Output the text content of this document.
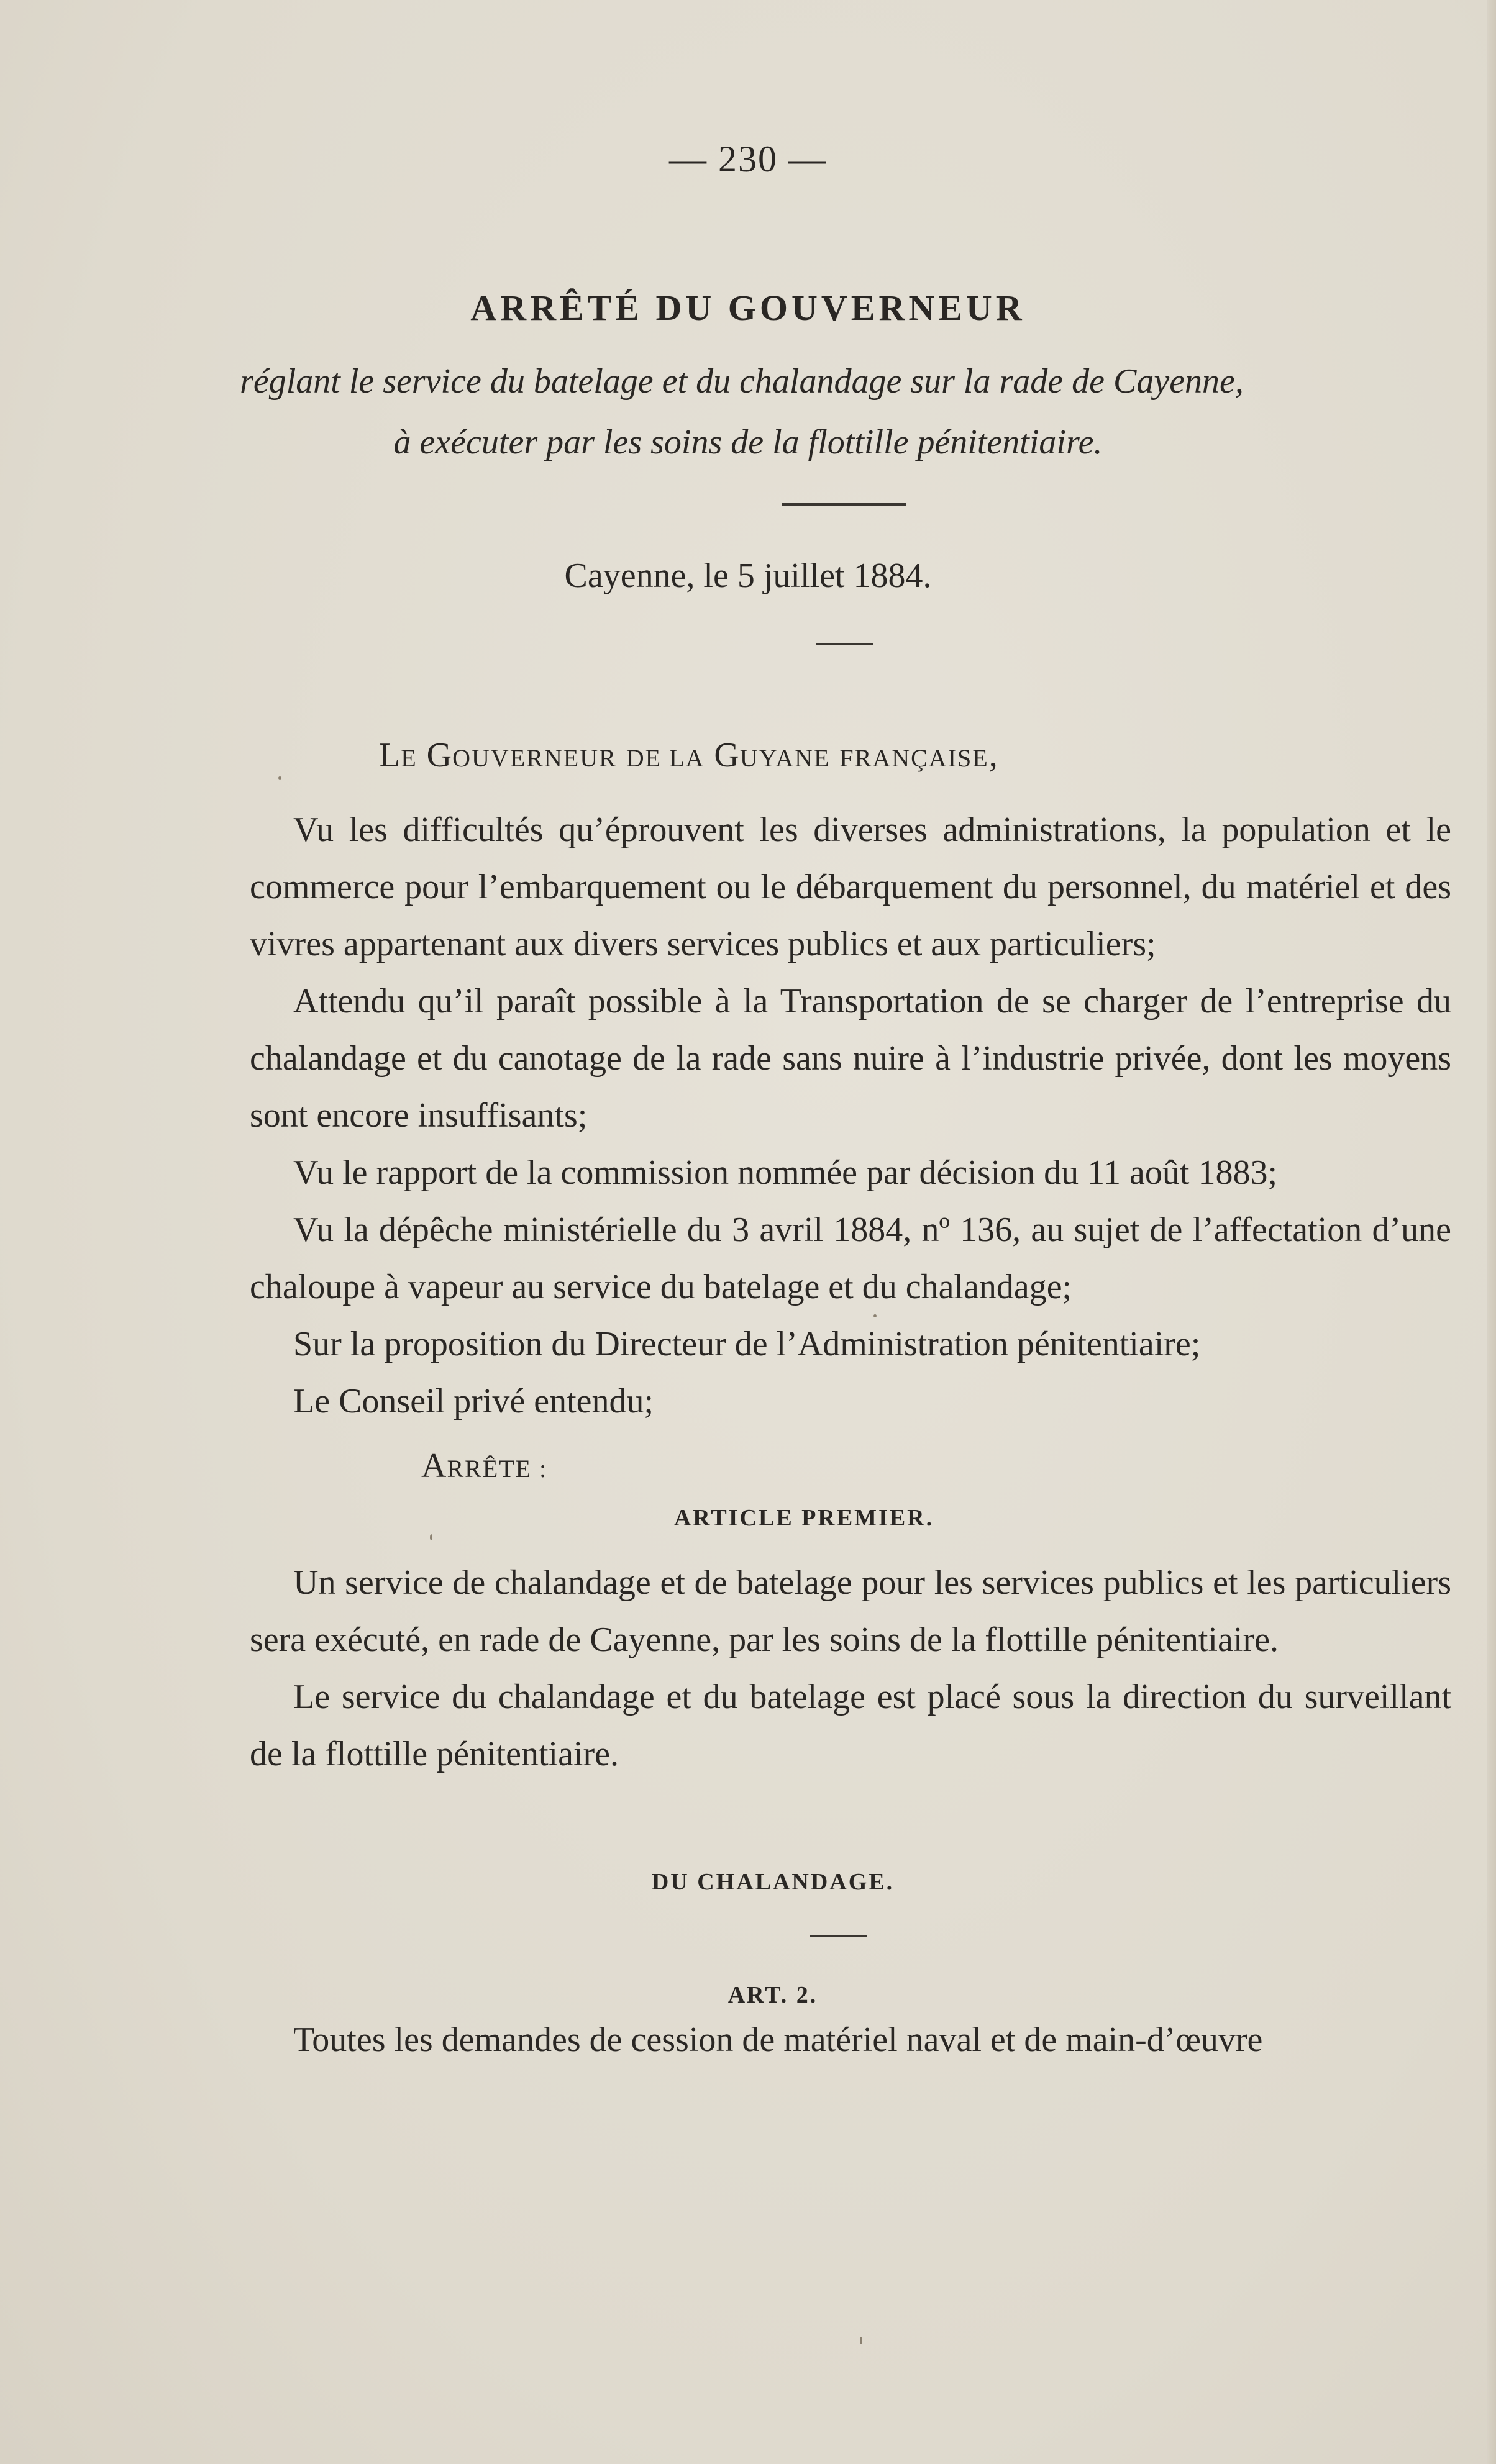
— 230 —
ARRÊTÉ DU GOUVERNEUR
réglant le service du batelage et du chalandage sur la rade de Cayenne,
à exécuter par les soins de la flottille pénitentiaire.
Cayenne, le 5 juillet 1884.
LE GOUVERNEUR DE LA GUYANE FRANÇAISE,

Vu les difficultés qu’éprouvent les diverses administrations, la population et le commerce pour l’embarquement ou le débarquement du personnel, du matériel et des vivres appartenant aux divers services publics et aux particuliers;

Attendu qu’il paraît possible à la Transportation de se charger de l’entreprise du chalandage et du canotage de la rade sans nuire à l’industrie privée, dont les moyens sont encore insuffisants;

Vu le rapport de la commission nommée par décision du 11 août 1883;

Vu la dépêche ministérielle du 3 avril 1884, nº 136, au sujet de l’affectation d’une chaloupe à vapeur au service du batelage et du chalandage;

Sur la proposition du Directeur de l’Administration pénitentiaire;

Le Conseil privé entendu;

ARRÊTE :
ARTICLE PREMIER.

Un service de chalandage et de batelage pour les services publics et les particuliers sera exécuté, en rade de Cayenne, par les soins de la flottille pénitentiaire.

Le service du chalandage et du batelage est placé sous la direction du surveillant de la flottille pénitentiaire.

DU CHALANDAGE.
ART. 2.

Toutes les demandes de cession de matériel naval et de main-d’œuvre
